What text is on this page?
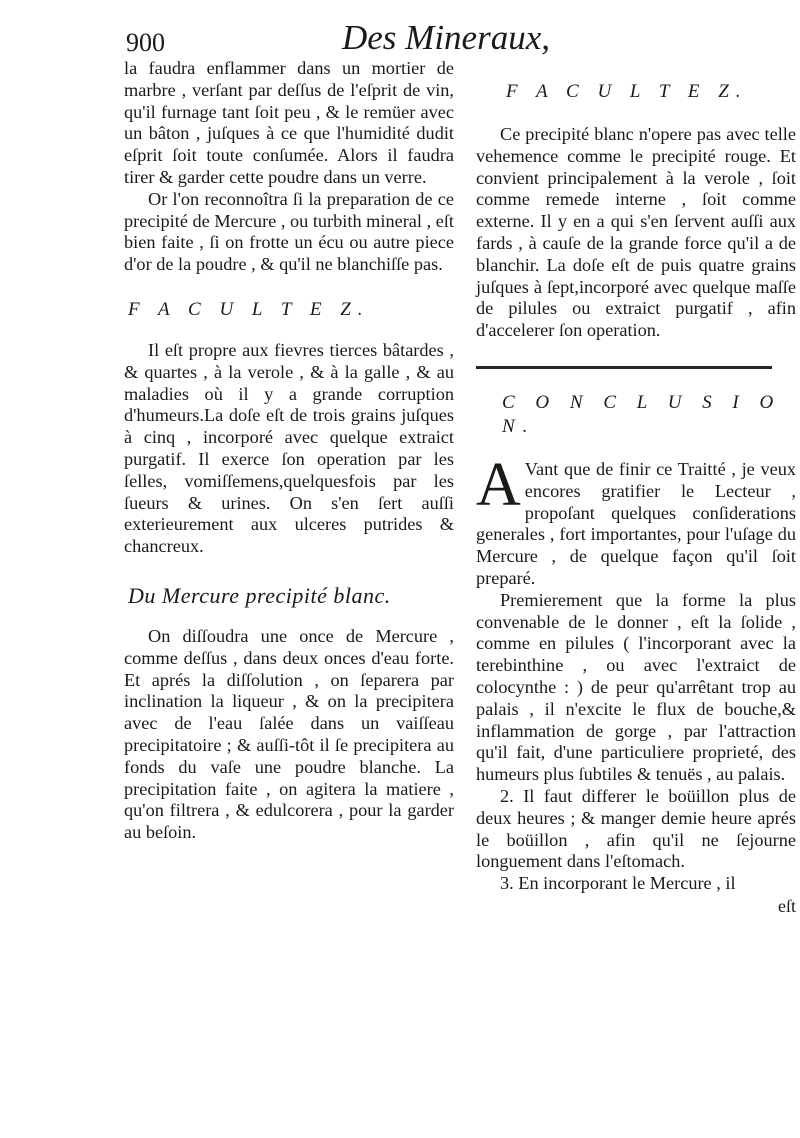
900	Des Mineraux,

la faudra enflammer dans un mortier de marbre , verſant par deſſus de l'eſprit de vin, qu'il furnage tant ſoit peu , & le remüer avec un bâton , juſques à ce que l'humidité dudit eſprit ſoit toute conſumée. Alors il faudra tirer & garder cette poudre dans un verre.

Or l'on reconnoîtra ſi la preparation de ce precipité de Mercure , ou turbith mineral , eſt bien faite , ſi on frotte un écu ou autre piece d'or de la poudre , & qu'il ne blanchiſſe pas.

F A C U L T E Z.

Il eſt propre aux fievres tierces bâtardes , & quartes , à la verole , & à la galle , & au maladies où il y a grande corruption d'humeurs.La doſe eſt de trois grains juſques à cinq , incorporé avec quelque extraict purgatif. Il exerce ſon operation par les ſelles, vomiſſemens,quelquesfois par les ſueurs & urines. On s'en ſert auſſi exterieurement aux ulceres putrides & chancreux.

Du Mercure precipité blanc.

On diſſoudra une once de Mercure , comme deſſus , dans deux onces d'eau forte. Et aprés la diſſolution , on ſeparera par inclination la liqueur , & on la precipitera avec de l'eau ſalée dans un vaiſſeau precipitatoire ; & auſſi-tôt il ſe precipitera au fonds du vaſe une poudre blanche. La precipitation faite , on agitera la matiere , qu'on filtrera , & edulcorera , pour la garder au beſoin.

F A C U L T E Z.

Ce precipité blanc n'opere pas avec telle vehemence comme le precipité rouge. Et convient principalement à la verole , ſoit comme remede interne , ſoit comme externe. Il y en a qui s'en ſervent auſſi aux fards , à cauſe de la grande force qu'il a de blanchir. La doſe eſt de puis quatre grains juſques à ſept,incorporé avec quelque maſſe de pilules ou extraict purgatif , afin d'accelerer ſon operation.

C O N C L U S I O N.
A Vant que de finir ce Traitté , je veux encores gratifier le Lecteur , propoſant quelques conſiderations generales , fort importantes, pour l'uſage du Mercure , de quelque façon qu'il ſoit preparé.

Premierement que la forme la plus convenable de le donner , eſt la ſolide , comme en pilules ( l'incorporant avec la terebinthine , ou avec l'extraict de colocynthe : ) de peur qu'arrêtant trop au palais , il n'excite le flux de bouche,& inflammation de gorge , par l'attraction qu'il fait, d'une particuliere proprieté, des humeurs plus ſubtiles & tenuës , au palais.

2. Il faut differer le boüillon plus de deux heures ; & manger demie heure aprés le boüillon , afin qu'il ne ſejourne longuement dans l'eſtomach.

3. En incorporant le Mercure , il

eſt
